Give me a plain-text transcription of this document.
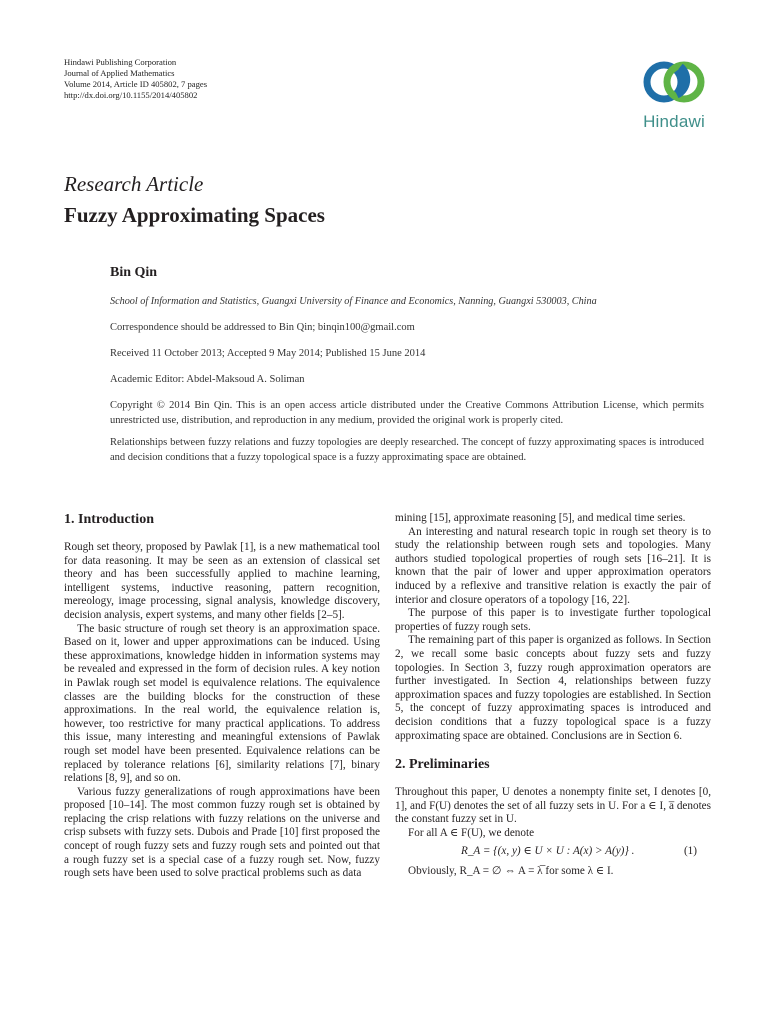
Hindawi Publishing Corporation
Journal of Applied Mathematics
Volume 2014, Article ID 405802, 7 pages
http://dx.doi.org/10.1155/2014/405802
Hindawi
Research Article
Fuzzy Approximating Spaces
Bin Qin
School of Information and Statistics, Guangxi University of Finance and Economics, Nanning, Guangxi 530003, China
Correspondence should be addressed to Bin Qin; binqin100@gmail.com
Received 11 October 2013; Accepted 9 May 2014; Published 15 June 2014
Academic Editor: Abdel-Maksoud A. Soliman
Copyright © 2014 Bin Qin. This is an open access article distributed under the Creative Commons Attribution License, which permits unrestricted use, distribution, and reproduction in any medium, provided the original work is properly cited.
Relationships between fuzzy relations and fuzzy topologies are deeply researched. The concept of fuzzy approximating spaces is introduced and decision conditions that a fuzzy topological space is a fuzzy approximating space are obtained.
1. Introduction

Rough set theory, proposed by Pawlak [1], is a new mathematical tool for data reasoning. It may be seen as an extension of classical set theory and has been successfully applied to machine learning, intelligent systems, inductive reasoning, pattern recognition, mereology, image processing, signal analysis, knowledge discovery, decision analysis, expert systems, and many other fields [2–5].

The basic structure of rough set theory is an approximation space. Based on it, lower and upper approximations can be induced. Using these approximations, knowledge hidden in information systems may be revealed and expressed in the form of decision rules. A key notion in Pawlak rough set model is equivalence relations. The equivalence classes are the building blocks for the construction of these approximations. In the real world, the equivalence relation is, however, too restrictive for many practical applications. To address this issue, many interesting and meaningful extensions of Pawlak rough set model have been presented. Equivalence relations can be replaced by tolerance relations [6], similarity relations [7], binary relations [8, 9], and so on.

Various fuzzy generalizations of rough approximations have been proposed [10–14]. The most common fuzzy rough set is obtained by replacing the crisp relations with fuzzy relations on the universe and crisp subsets with fuzzy sets. Dubois and Prade [10] first proposed the concept of rough fuzzy sets and fuzzy rough sets and pointed out that a rough fuzzy set is a special case of a fuzzy rough set. Now, fuzzy rough sets have been used to solve practical problems such as data

mining [15], approximate reasoning [5], and medical time series.

An interesting and natural research topic in rough set theory is to study the relationship between rough sets and topologies. Many authors studied topological properties of rough sets [16–21]. It is known that the pair of lower and upper approximation operators induced by a reflexive and transitive relation is exactly the pair of interior and closure operators of a topology [16, 22].

The purpose of this paper is to investigate further topological properties of fuzzy rough sets.

The remaining part of this paper is organized as follows. In Section 2, we recall some basic concepts about fuzzy sets and fuzzy topologies. In Section 3, fuzzy rough approximation operators are further investigated. In Section 4, relationships between fuzzy approximation spaces and fuzzy topologies are established. In Section 5, the concept of fuzzy approximating spaces is introduced and decision conditions that a fuzzy topological space is a fuzzy approximating space are obtained. Conclusions are in Section 6.

2. Preliminaries

Throughout this paper, U denotes a nonempty finite set, I denotes [0, 1], and F(U) denotes the set of all fuzzy sets in U. For a ∈ I, a̅ denotes the constant fuzzy set in U.

For all A ∈ F(U), we denote

R_A = {(x, y) ∈ U × U : A(x) > A(y)} .	(1)

Obviously, R_A = ∅ ⇔ A = λ̅ for some λ ∈ I.
